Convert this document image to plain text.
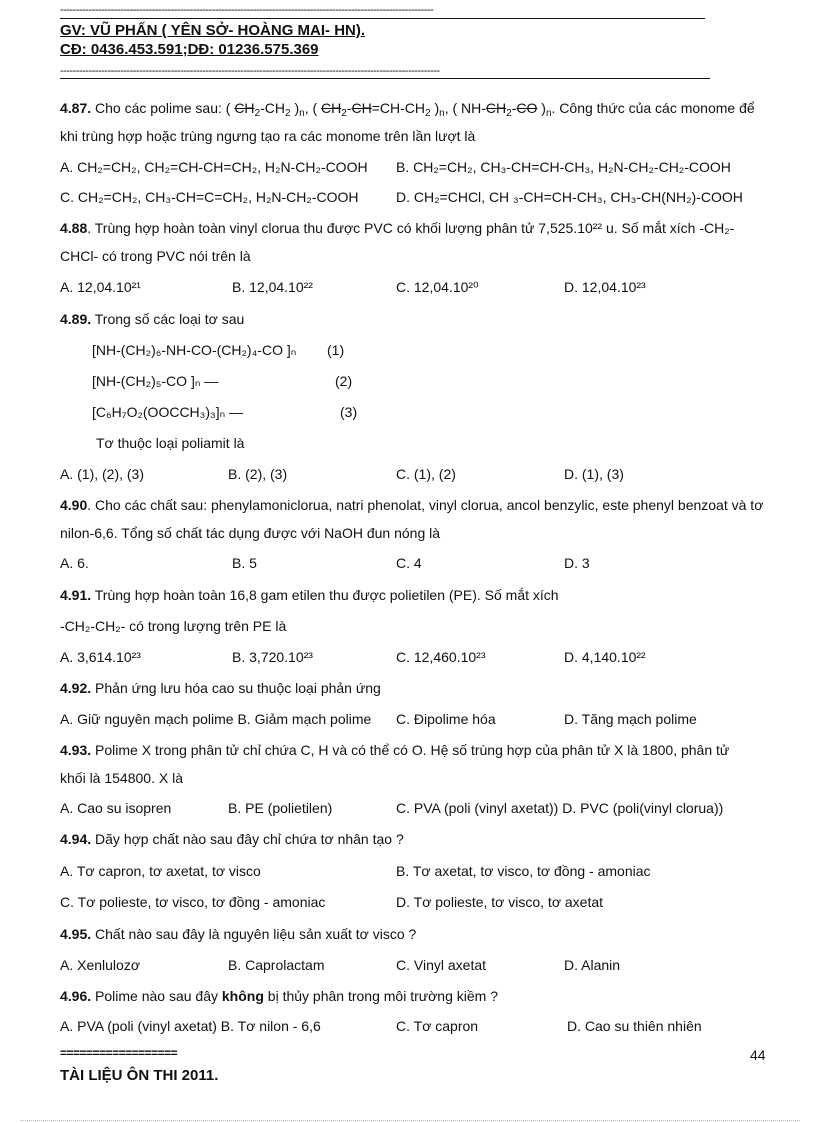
----------------------------------------------------------------------------------------------------------------------
GV: VŨ PHẤN ( YÊN SỞ- HOÀNG MAI- HN).
CĐ: 0436.453.591;DĐ: 01236.575.369
------------------------------------------------------------------------------------------------------------------------
4.87. Cho các polime sau: ( $CH_2-CH_2$ )$_n$, ( $CH_2-CH=CH-CH_2$ )$_n$, ( $NH-CH_2-CO$ )$_n$. Công thức của các monome để
khi trùng hợp hoặc trùng ngưng tạo ra các monome trên lần lượt là
A. CH₂=CH₂, CH₂=CH-CH=CH₂, H₂N-CH₂-COOH B. CH₂=CH₂, CH₃-CH=CH-CH₃, H₂N-CH₂-CH₂-COOH
C. CH₂=CH₂, CH₃-CH=C=CH₂, H₂N-CH₂-COOH	D. CH₂=CHCl, CH ₃-CH=CH-CH₃, CH₃-CH(NH₂)-COOH
4.88. Trùng hợp hoàn toàn vinyl clorua thu được PVC có khối lượng phân tử 7,525.10²² u. Số mắt xích -CH₂-
CHCl- có trong PVC nói trên là
A. 12,04.10²¹	B. 12,04.10²²	C. 12,04.10²⁰	D. 12,04.10²³
4.89. Trong số các loại tơ sau
[NH-(CH₂)₆-NH-CO-(CH₂)₄-CO ]ₙ (1)
[NH-(CH₂)₅-CO ]ₙ —	(2)
[C₆H₇O₂(OOCCH₃)₃]ₙ —	(3)
Tơ thuộc loại poliamit là
A. (1), (2), (3)	B. (2), (3)	C. (1), (2)	D. (1), (3)
4.90. Cho các chất sau: phenylamoniclorua, natri phenolat, vinyl clorua, ancol benzylic, este phenyl benzoat và tơ
nilon-6,6. Tổng số chất tác dụng được với NaOH đun nóng là
A. 6.	B. 5	C. 4	D. 3
4.91. Trùng hợp hoàn toàn 16,8 gam etilen thu được polietilen (PE). Số mắt xích
-CH₂-CH₂- có trong lượng trên PE là
A. 3,614.10²³	B. 3,720.10²³	C. 12,460.10²³	D. 4,140.10²²
4.92. Phản ứng lưu hóa cao su thuộc loại phản ứng
A. Giữ nguyên mạch polime B. Giảm mạch polime C. Đipolime hóa	D. Tăng mạch polime
4.93. Polime X trong phân tử chỉ chứa C, H và có thể có O. Hệ số trùng hợp của phân tử X là 1800, phân tử
khối là 154800. X là
A. Cao su isopren	B. PE (polietilen)	C. PVA (poli (vinyl axetat)) D. PVC (poli(vinyl clorua))
4.94. Dãy hợp chất nào sau đây chỉ chứa tơ nhân tạo ?
A. Tơ capron, tơ axetat, tơ visco	B. Tơ axetat, tơ visco, tơ đồng - amoniac
C. Tơ polieste, tơ visco, tơ đồng - amoniac	D. Tơ polieste, tơ visco, tơ axetat
4.95. Chất nào sau đây là nguyên liệu sản xuất tơ visco ?
A. Xenlulozơ	B. Caprolactam	C. Vinyl axetat	D. Alanin
4.96. Polime nào sau đây không bị thủy phân trong môi trường kiềm ?
A. PVA (poli (vinyl axetat) B. Tơ nilon - 6,6	C. Tơ capron	D. Cao su thiên nhiên
==================	44
TÀI LIỆU ÔN THI 2011.
